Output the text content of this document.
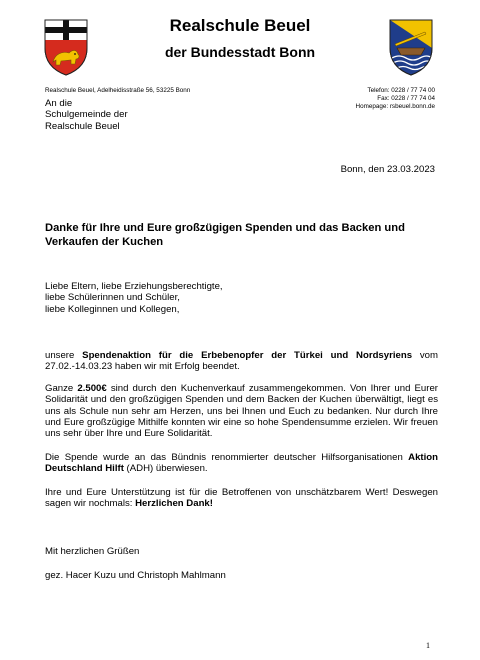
Realschule Beuel
der Bundesstadt Bonn
Realschule Beuel, Adelheidisstraße 56, 53225 Bonn	Telefon: 0228 / 77 74 00
Fax: 0228 / 77 74 04
Homepage: rsbeuel.bonn.de
An die
Schulgemeinde der
Realschule Beuel
Bonn, den 23.03.2023
Danke für Ihre und Eure großzügigen Spenden und das Backen und Verkaufen der Kuchen
Liebe Eltern, liebe Erziehungsberechtigte,
liebe Schülerinnen und Schüler,
liebe Kolleginnen und Kollegen,
unsere Spendenaktion für die Erbebenopfer der Türkei und Nordsyriens vom 27.02.-14.03.23 haben wir mit Erfolg beendet.
Ganze 2.500€ sind durch den Kuchenverkauf zusammengekommen. Von Ihrer und Eurer Solidarität und den großzügigen Spenden und dem Backen der Kuchen überwältigt, liegt es uns als Schule nun sehr am Herzen, uns bei Ihnen und Euch zu bedanken. Nur durch Ihre und Eure großzügige Mithilfe konnten wir eine so hohe Spendensumme erzielen. Wir freuen uns sehr über Ihre und Eure Solidarität.
Die Spende wurde an das Bündnis renommierter deutscher Hilfsorganisationen Aktion Deutschland Hilft (ADH) überwiesen.
Ihre und Eure Unterstützung ist für die Betroffenen von unschätzbarem Wert! Deswegen sagen wir nochmals: Herzlichen Dank!
Mit herzlichen Grüßen
gez. Hacer Kuzu und Christoph Mahlmann
1
